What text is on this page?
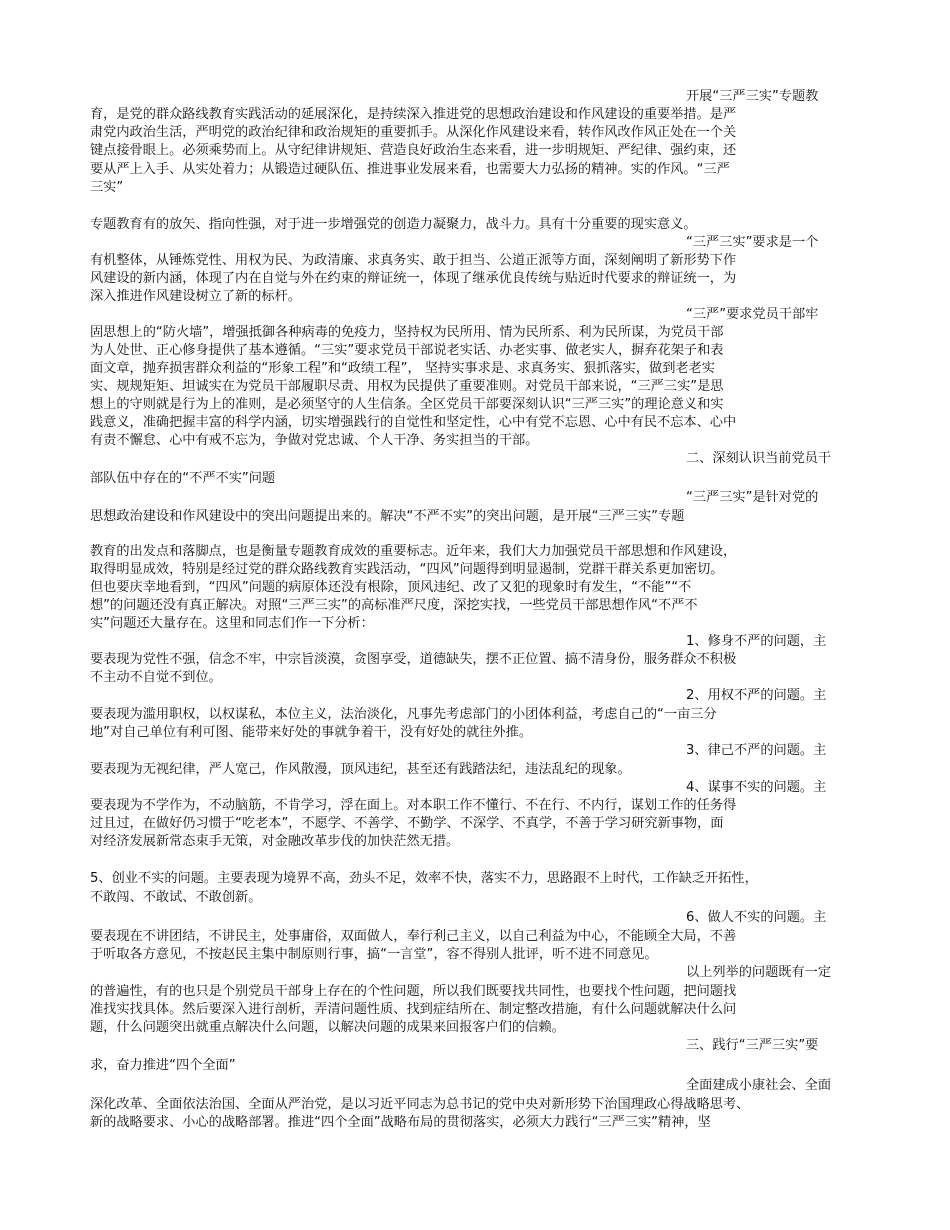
开展“三严三实”专题教
育，是党的群众路线教育实践活动的延展深化，是持续深入推进党的思想政治建设和作风建设的重要举措。是严
肃党内政治生活，严明党的政治纪律和政治规矩的重要抓手。从深化作风建设来看，转作风改作风正处在一个关
键点接骨眼上。必须乘势而上。从守纪律讲规矩、营造良好政治生态来看，进一步明规矩、严纪律、强约束，还
要从严上入手、从实处着力；从锻造过硬队伍、推进事业发展来看，也需要大力弘扬的精神。实的作风。“三严
三实”
专题教育有的放矢、指向性强，对于进一步增强党的创造力凝聚力，战斗力。具有十分重要的现实意义。
“三严三实”要求是一个
有机整体，从锤炼党性、用权为民、为政清廉、求真务实、敢于担当、公道正派等方面，深刻阐明了新形势下作
风建设的新内涵，体现了内在自觉与外在约束的辩证统一，体现了继承优良传统与贴近时代要求的辩证统一，为
深入推进作风建设树立了新的标杆。
“三严”要求党员干部牢
固思想上的“防火墙”，增强抵御各种病毒的免疫力，坚持权为民所用、情为民所系、利为民所谋，为党员干部
为人处世、正心修身提供了基本遵循。“三实”要求党员干部说老实话、办老实事、做老实人，摒弃花架子和表
面文章，抛弃损害群众利益的“形象工程”和“政绩工程”， 坚持实事求是、求真务实、狠抓落实，做到老老实
实、规规矩矩、坦诚实在为党员干部履职尽责、用权为民提供了重要准则。对党员干部来说，“三严三实”是思
想上的守则就是行为上的准则，是必须坚守的人生信条。全区党员干部要深刻认识“三严三实”的理论意义和实
践意义，准确把握丰富的科学内涵，切实增强践行的自觉性和坚定性，心中有党不忘恩、心中有民不忘本、心中
有责不懈怠、心中有戒不忘为，争做对党忠诚、个人干净、务实担当的干部。
二、深刻认识当前党员干
部队伍中存在的“不严不实”问题
“三严三实”是针对党的
思想政治建设和作风建设中的突出问题提出来的。解决“不严不实”的突出问题，是开展“三严三实”专题
教育的出发点和落脚点，也是衡量专题教育成效的重要标志。近年来，我们大力加强党员干部思想和作风建设，
取得明显成效，特别是经过党的群众路线教育实践活动，“四风”问题得到明显遏制，党群干群关系更加密切。
但也要庆幸地看到，“四风”问题的病原体还没有根除，顶风违纪、改了又犯的现象时有发生，“不能”“不
想”的问题还没有真正解决。对照“三严三实”的高标准严尺度，深挖实找，一些党员干部思想作风“不严不
实”问题还大量存在。这里和同志们作一下分析：
1、修身不严的问题，主
要表现为党性不强，信念不牢，中宗旨淡漠，贪图享受，道德缺失，摆不正位置、搞不清身份，服务群众不积极
不主动不自觉不到位。
2、用权不严的问题。主
要表现为滥用职权，以权谋私，本位主义，法治淡化，凡事先考虑部门的小团体利益，考虑自己的“一亩三分
地”对自己单位有利可图、能带来好处的事就争着干，没有好处的就往外推。
3、律己不严的问题。主
要表现为无视纪律，严人宽己，作风散漫，顶风违纪，甚至还有践踏法纪，违法乱纪的现象。
4、谋事不实的问题。主
要表现为不学作为，不动脑筋，不肯学习，浮在面上。对本职工作不懂行、不在行、不内行，谋划工作的任务得
过且过，在做好仍习惯于“吃老本”，不愿学、不善学、不勤学、不深学、不真学，不善于学习研究新事物，面
对经济发展新常态束手无策，对金融改革步伐的加快茫然无措。
5、创业不实的问题。主要表现为境界不高，劲头不足，效率不快，落实不力，思路跟不上时代，工作缺乏开拓性，
不敢闯、不敢试、不敢创新。
6、做人不实的问题。主
要表现在不讲团结，不讲民主，处事庸俗，双面做人，奉行利己主义，以自己利益为中心，不能顾全大局，不善
于听取各方意见，不按赵民主集中制原则行事，搞“一言堂”，容不得别人批评，听不进不同意见。
以上列举的问题既有一定
的普遍性，有的也只是个别党员干部身上存在的个性问题，所以我们既要找共同性，也要找个性问题，把问题找
准找实找具体。然后要深入进行剖析，弄清问题性质、找到症结所在、制定整改措施，有什么问题就解决什么问
题，什么问题突出就重点解决什么问题，以解决问题的成果来回报客户们的信赖。
三、践行“三严三实”要
求，奋力推进“四个全面”
全面建成小康社会、全面
深化改革、全面依法治国、全面从严治党，是以习近平同志为总书记的党中央对新形势下治国理政心得战略思考、
新的战略要求、小心的战略部署。推进“四个全面”战略布局的贯彻落实，必须大力践行“三严三实”精神，坚
